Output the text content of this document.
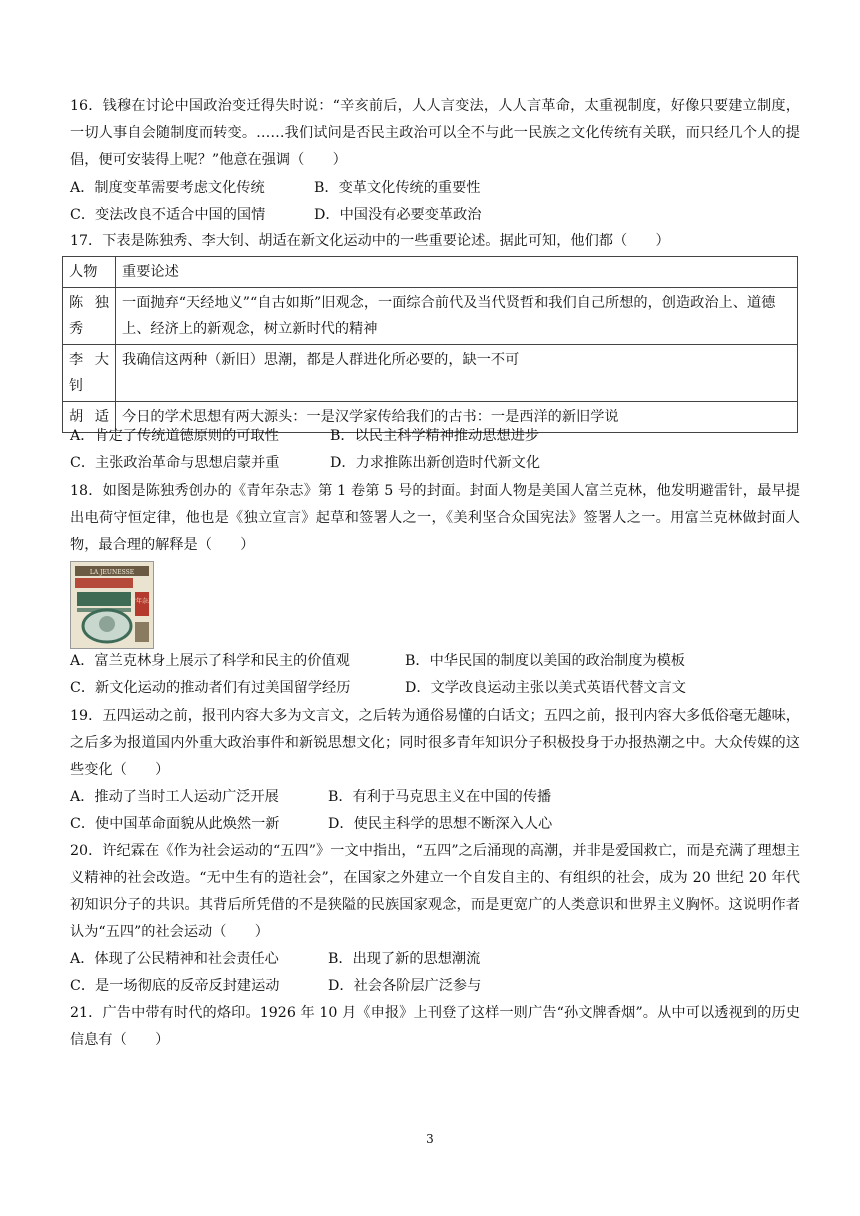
16．钱穆在讨论中国政治变迁得失时说：“辛亥前后，人人言变法，人人言革命，太重视制度，好像只要建立制度，一切人事自会随制度而转变。……我们试问是否民主政治可以全不与此一民族之文化传统有关联，而只经几个人的提倡，便可安装得上呢？”他意在强调（　　）
A．制度变革需要考虑文化传统	B．变革文化传统的重要性
C．变法改良不适合中国的国情	D．中国没有必要变革政治
17．下表是陈独秀、李大钊、胡适在新文化运动中的一些重要论述。据此可知，他们都（　　）
人物	重要论述
陈独秀	一面抛弃“天经地义”“自古如斯”旧观念，一面综合前代及当代贤哲和我们自己所想的，创造政治上、道德上、经济上的新观念，树立新时代的精神
李大钊	我确信这两种（新旧）思潮，都是人群进化所必要的，缺一不可
胡适	今日的学术思想有两大源头：一是汉学家传给我们的古书：一是西洋的新旧学说
A．肯定了传统道德原则的可取性	B．以民主科学精神推动思想进步
C．主张政治革命与思想启蒙并重	D．力求推陈出新创造时代新文化
18．如图是陈独秀创办的《青年杂志》第 1 卷第 5 号的封面。封面人物是美国人富兰克林，他发明避雷针，最早提出电荷守恒定律，他也是《独立宣言》起草和签署人之一，《美利坚合众国宪法》签署人之一。用富兰克林做封面人物，最合理的解释是（　　）
LA JEUNESSE
青年杂志
A．富兰克林身上展示了科学和民主的价值观	B．中华民国的制度以美国的政治制度为模板
C．新文化运动的推动者们有过美国留学经历	D．文学改良运动主张以美式英语代替文言文
19．五四运动之前，报刊内容大多为文言文，之后转为通俗易懂的白话文；五四之前，报刊内容大多低俗毫无趣味，之后多为报道国内外重大政治事件和新锐思想文化；同时很多青年知识分子积极投身于办报热潮之中。大众传媒的这些变化（　　）
A．推动了当时工人运动广泛开展	B．有利于马克思主义在中国的传播
C．使中国革命面貌从此焕然一新	D．使民主科学的思想不断深入人心
20．许纪霖在《作为社会运动的“五四”》一文中指出，“五四”之后涌现的高潮，并非是爱国救亡，而是充满了理想主义精神的社会改造。“无中生有的造社会”，在国家之外建立一个自发自主的、有组织的社会，成为 20 世纪 20 年代初知识分子的共识。其背后所凭借的不是狭隘的民族国家观念，而是更宽广的人类意识和世界主义胸怀。这说明作者认为“五四”的社会运动（　　）
A．体现了公民精神和社会责任心	B．出现了新的思想潮流
C．是一场彻底的反帝反封建运动	D．社会各阶层广泛参与
21．广告中带有时代的烙印。1926 年 10 月《申报》上刊登了这样一则广告“孙文牌香烟”。从中可以透视到的历史信息有（　　）
3
